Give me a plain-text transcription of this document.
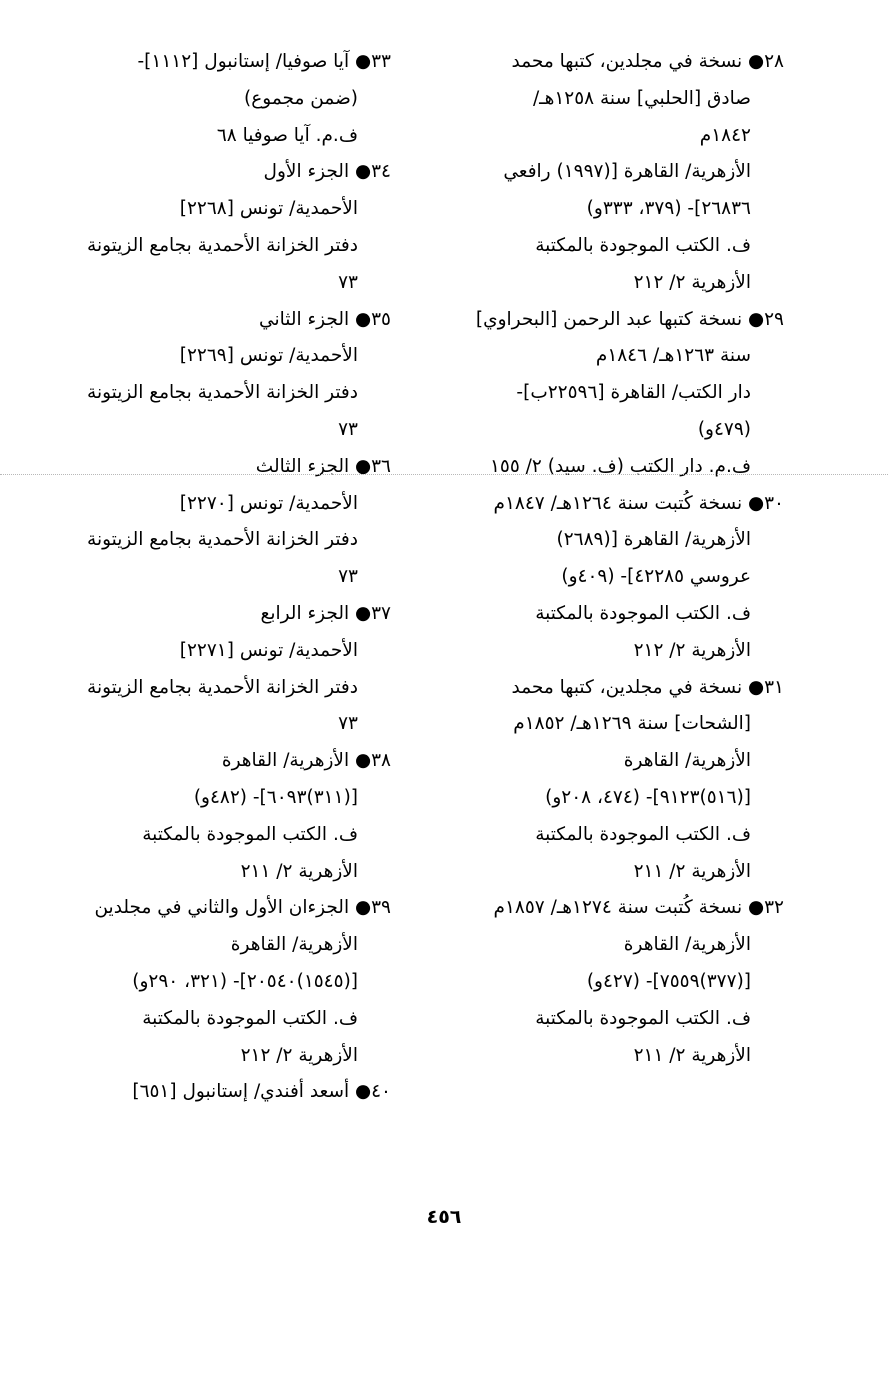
٢٨● نسخة في مجلدين، كتبها محمد
صادق [الحلبي] سنة ١٢٥٨هـ/
١٨٤٢م
الأزهرية/ القاهرة [(١٩٩٧) رافعي
٢٦٨٣٦]- (٣٧٩، ٣٣٣و)
ف. الكتب الموجودة بالمكتبة
الأزهرية ٢/ ٢١٢
٢٩● نسخة كتبها عبد الرحمن [البحراوي]
سنة ١٢٦٣هـ/ ١٨٤٦م
دار الكتب/ القاهرة [٢٢٥٩٦ب]-
(٤٧٩و)
ف.م. دار الكتب (ف. سيد) ٢/ ١٥٥
٣٠● نسخة كُتبت سنة ١٢٦٤هـ/ ١٨٤٧م
الأزهرية/ القاهرة [(٢٦٨٩)
عروسي ٤٢٢٨٥]- (٤٠٩و)
ف. الكتب الموجودة بالمكتبة
الأزهرية ٢/ ٢١٢
٣١● نسخة في مجلدين، كتبها محمد
[الشحات] سنة ١٢٦٩هـ/ ١٨٥٢م
الأزهرية/ القاهرة
[(٥١٦)٩١٢٣]- (٤٧٤، ٢٠٨و)
ف. الكتب الموجودة بالمكتبة
الأزهرية ٢/ ٢١١
٣٢● نسخة كُتبت سنة ١٢٧٤هـ/ ١٨٥٧م
الأزهرية/ القاهرة
[(٣٧٧)٧٥٥٩]- (٤٢٧و)
ف. الكتب الموجودة بالمكتبة
الأزهرية ٢/ ٢١١
٣٣● آيا صوفيا/ إستانبول [١١١٢]-
(ضمن مجموع)
ف.م. آيا صوفيا ٦٨
٣٤● الجزء الأول
الأحمدية/ تونس [٢٢٦٨]
دفتر الخزانة الأحمدية بجامع الزيتونة
٧٣
٣٥● الجزء الثاني
الأحمدية/ تونس [٢٢٦٩]
دفتر الخزانة الأحمدية بجامع الزيتونة
٧٣
٣٦● الجزء الثالث
الأحمدية/ تونس [٢٢٧٠]
دفتر الخزانة الأحمدية بجامع الزيتونة
٧٣
٣٧● الجزء الرابع
الأحمدية/ تونس [٢٢٧١]
دفتر الخزانة الأحمدية بجامع الزيتونة
٧٣
٣٨● الأزهرية/ القاهرة
[(٣١١)٦٠٩٣]- (٤٨٢و)
ف. الكتب الموجودة بالمكتبة
الأزهرية ٢/ ٢١١
٣٩● الجزءان الأول والثاني في مجلدين
الأزهرية/ القاهرة
[(١٥٤٥)٢٠٥٤٠]- (٣٢١، ٢٩٠و)
ف. الكتب الموجودة بالمكتبة
الأزهرية ٢/ ٢١٢
٤٠● أسعد أفندي/ إستانبول [٦٥١]
٤٥٦
